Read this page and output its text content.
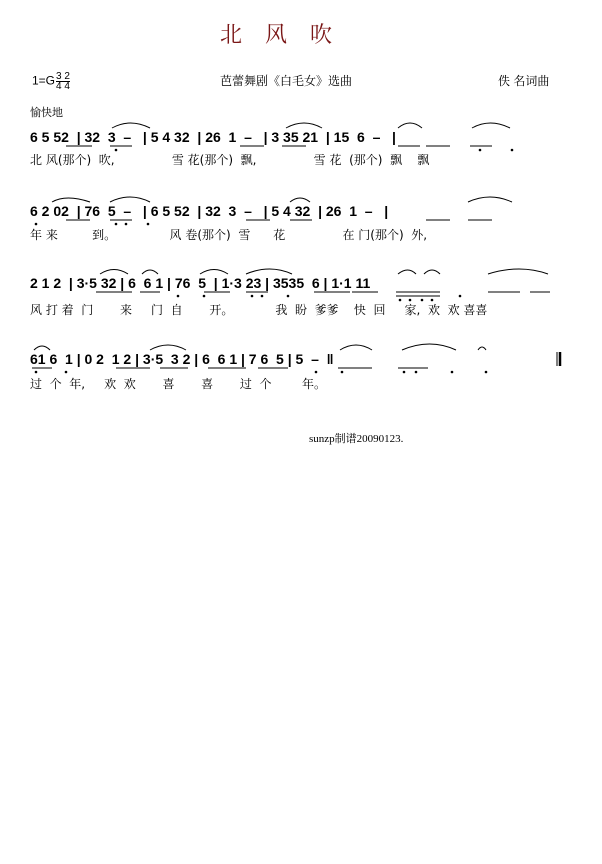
北 风 吹
$1=G \frac{3 2}{4 4}$	芭蕾舞剧《白毛女》选曲	佚 名词曲
愉快地
6 5 52  | 32  3  –   | 5 4 32  | 26  1  –   | 3 35 21  | 15  6  –   |
北 风(那个)  吹,               雪 花(那个)  飘,               雪 花  (那个)  飘    飘
6 2 02  | 76  5  –   | 6 5 52  | 32  3  –   | 5 4 32  | 26  1  –   |
年 来         到。              风 卷(那个)  雪      花               在 门(那个)  外,
2 1 2  | 3·5 32 | 6  6 1 | 76  5  | 1·3 23 | 3535  6 | 1·1 11
风 打 着  门       来     门  自       开。           我  盼  爹爹    快  回     家,  欢  欢 喜喜
61 6  1 | 0 2  1 2 | 3·5  3 2 | 6  6 1 | 7 6  5 | 5  –  ‖
过  个  年,     欢  欢       喜       喜       过  个        年。
sunzp制谱20090123.
